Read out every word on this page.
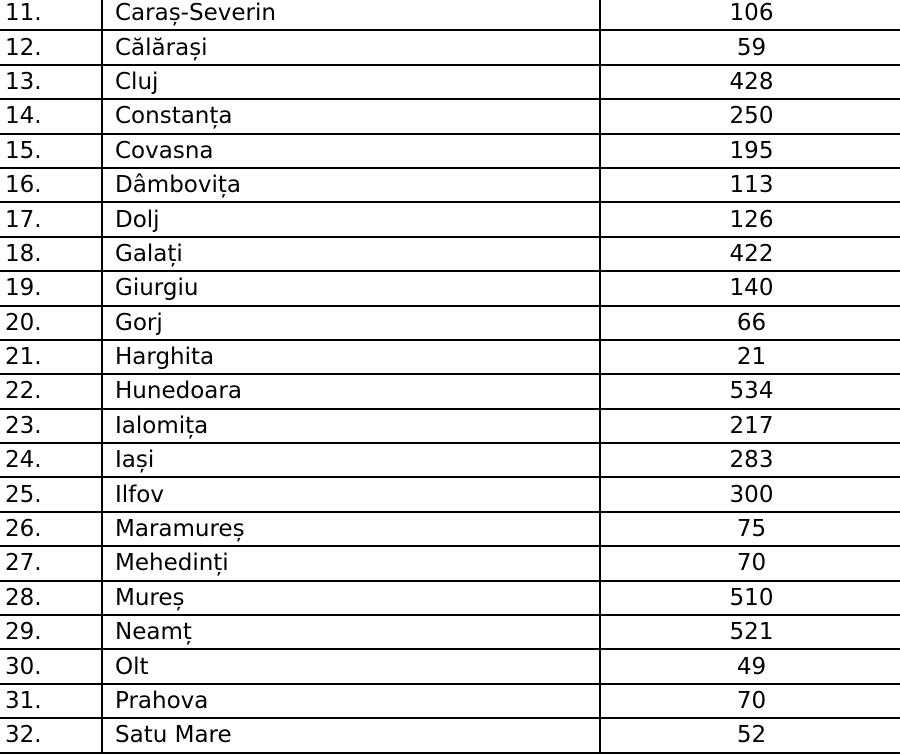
11.	Caraș-Severin	106
12.	Călărași	59
13.	Cluj	428
14.	Constanța	250
15.	Covasna	195
16.	Dâmbovița	113
17.	Dolj	126
18.	Galați	422
19.	Giurgiu	140
20.	Gorj	66
21.	Harghita	21
22.	Hunedoara	534
23.	Ialomița	217
24.	Iași	283
25.	Ilfov	300
26.	Maramureș	75
27.	Mehedinți	70
28.	Mureș	510
29.	Neamț	521
30.	Olt	49
31.	Prahova	70
32.	Satu Mare	52
